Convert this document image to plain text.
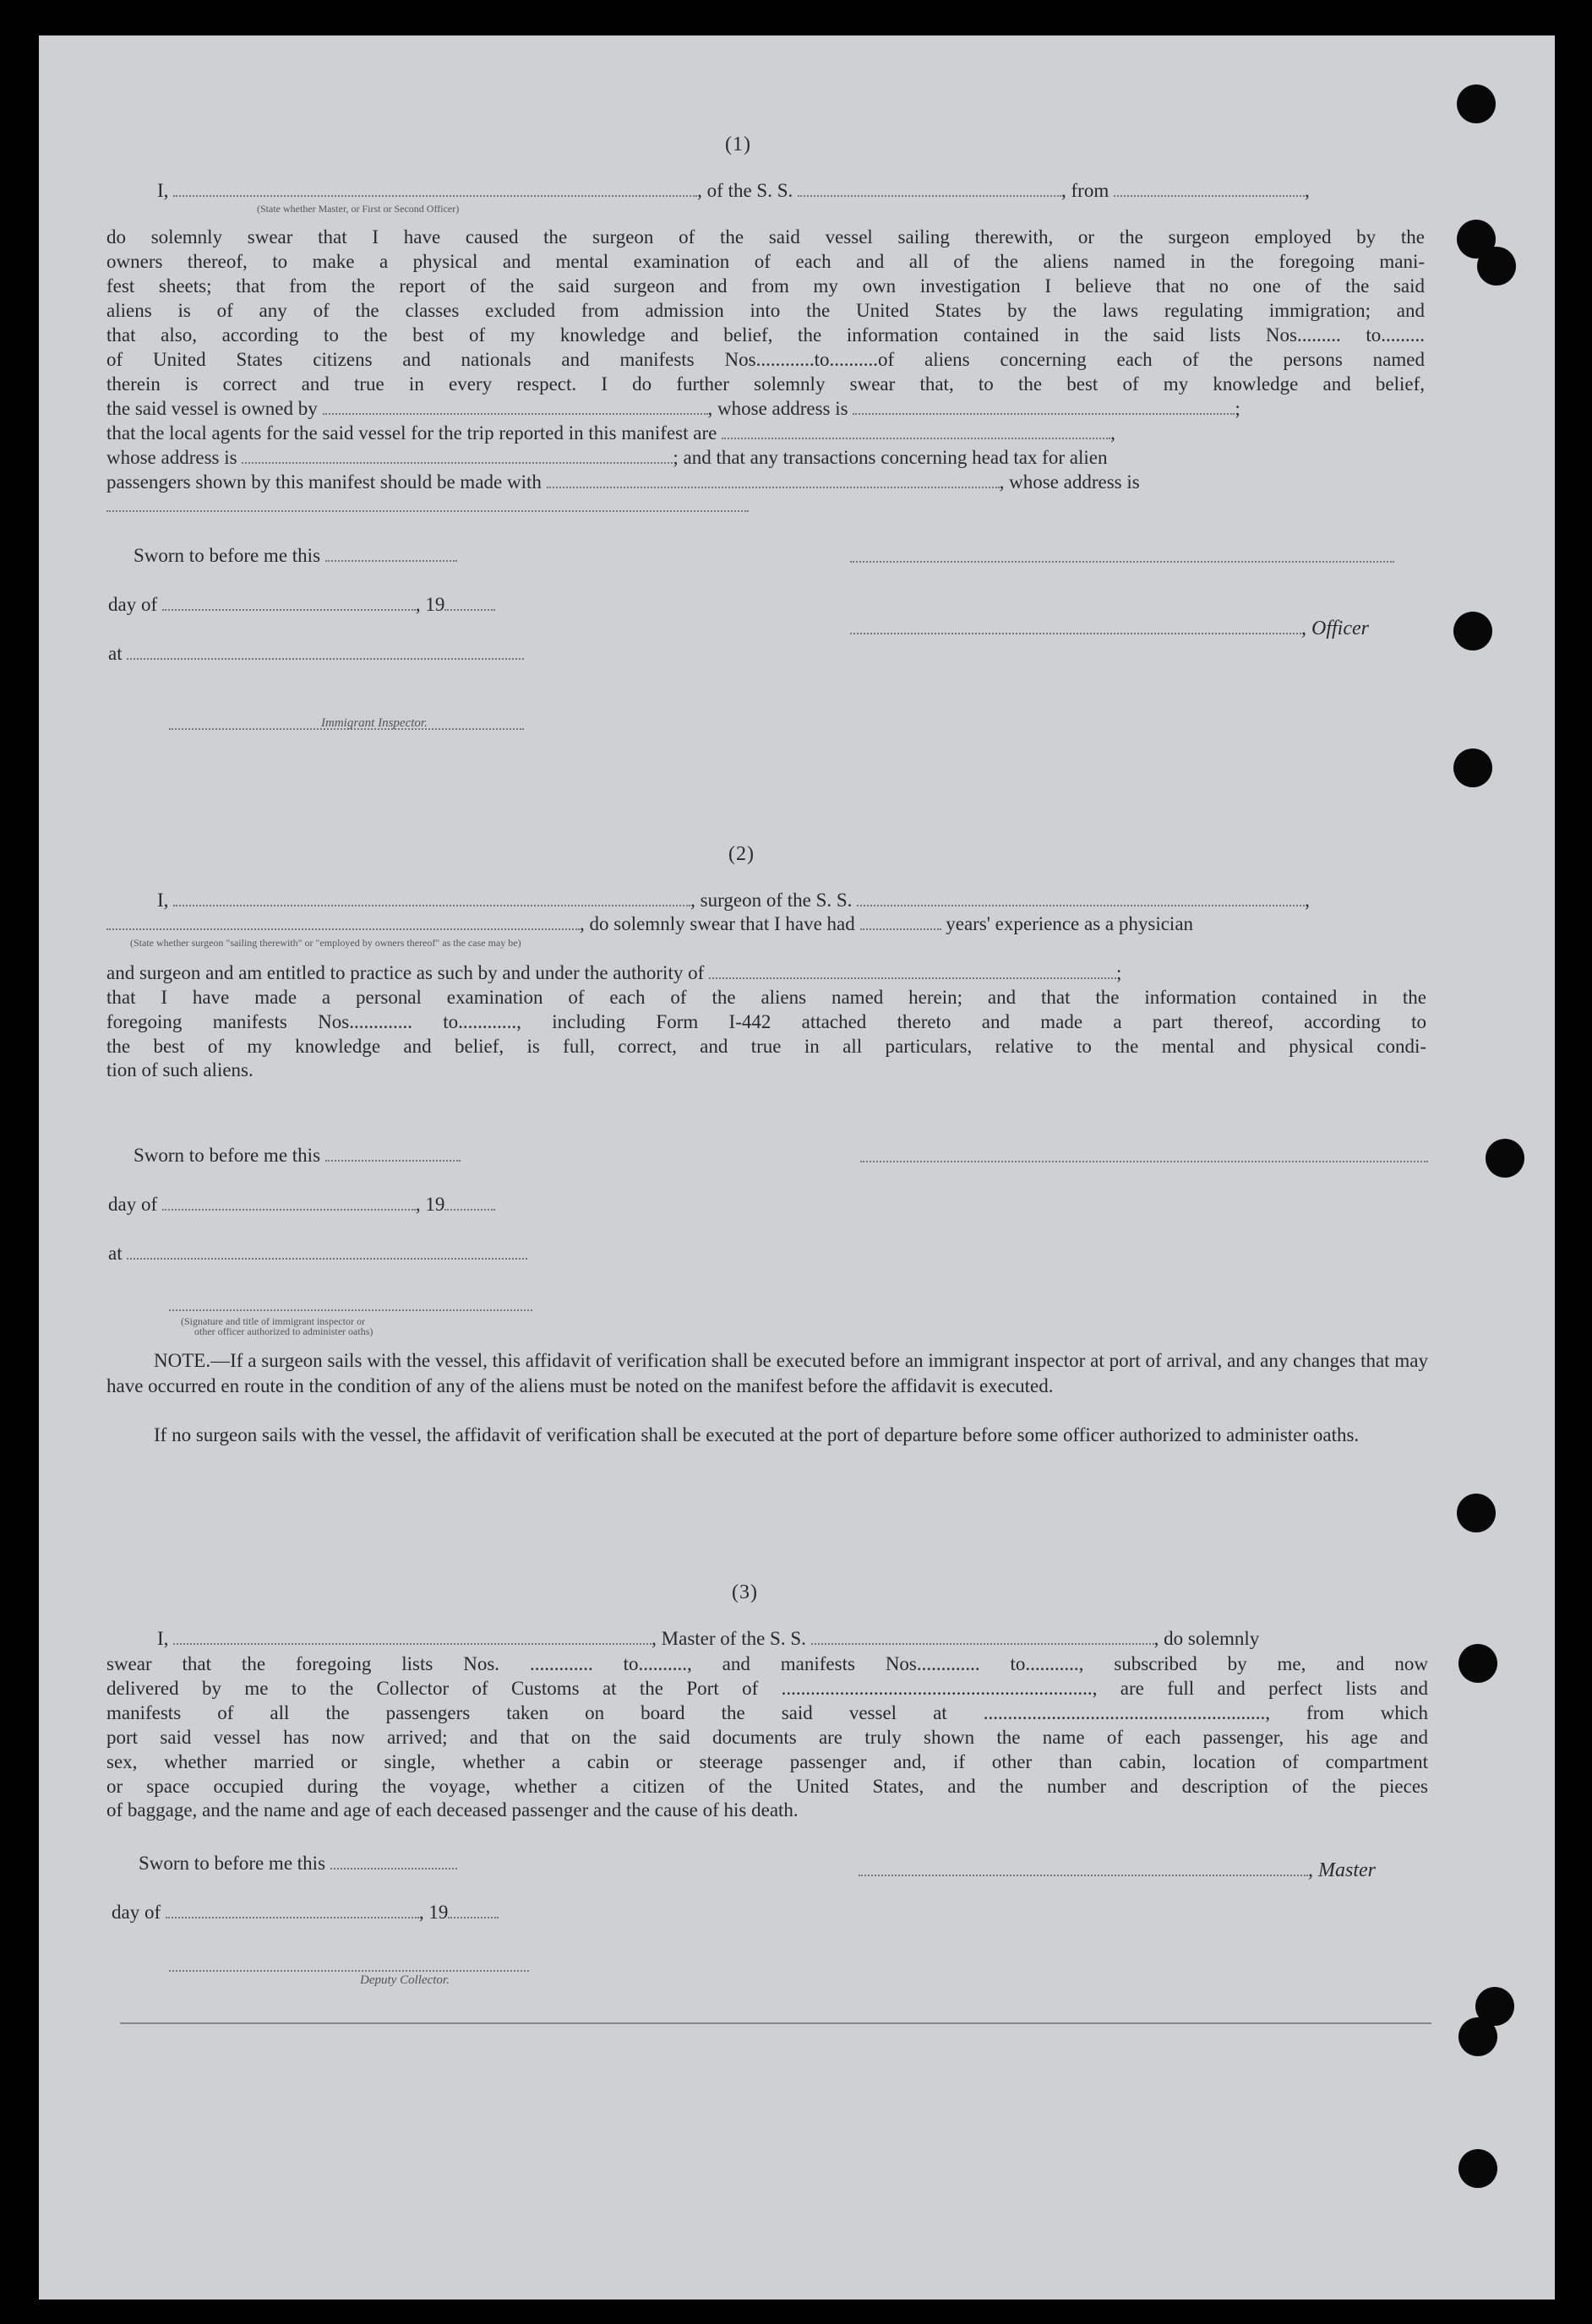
(1)
I,	, of the S. S.	, from	,
(State whether Master, or First or Second Officer)
do solemnly swear that I have caused the surgeon of the said vessel sailing therewith, or the surgeon employed by the
owners thereof, to make a physical and mental examination of each and all of the aliens named in the foregoing mani-
fest sheets; that from the report of the said surgeon and from my own investigation I believe that no one of the said
aliens is of any of the classes excluded from admission into the United States by the laws regulating immigration; and
that also, according to the best of my knowledge and belief, the information contained in the said lists Nos......... to.........
of United States citizens and nationals and manifests Nos............to..........of aliens concerning each of the persons named
therein is correct and true in every respect. I do further solemnly swear that, to the best of my knowledge and belief,
the said vessel is owned by	, whose address is	;
that the local agents for the said vessel for the trip reported in this manifest are	,
whose address is	; and that any transactions concerning head tax for alien
passengers shown by this manifest should be made with	, whose address is
Sworn to before me this
day of	, 19
at
Immigrant Inspector.
, Officer
(2)
I,	, surgeon of the S. S.	,
, do solemnly swear that I have had	years' experience as a physician
(State whether surgeon "sailing therewith" or "employed by owners thereof" as the case may be)
and surgeon and am entitled to practice as such by and under the authority of	;
that I have made a personal examination of each of the aliens named herein; and that the information contained in the
foregoing manifests Nos............. to............, including Form I-442 attached thereto and made a part thereof, according to
the best of my knowledge and belief, is full, correct, and true in all particulars, relative to the mental and physical condi-
tion of such aliens.
Sworn to before me this
day of	, 19
at
(Signature and title of immigrant inspector or
other officer authorized to administer oaths)
NOTE.—If a surgeon sails with the vessel, this affidavit of verification shall be executed before an immigrant inspector at port of arrival, and any changes that may have occurred en route in the condition of any of the aliens must be noted on the manifest before the affidavit is executed.
If no surgeon sails with the vessel, the affidavit of verification shall be executed at the port of departure before some officer authorized to administer oaths.
(3)
I,	, Master of the S. S.	, do solemnly
swear that the foregoing lists Nos. ............. to.........., and manifests Nos............. to..........., subscribed by me, and now
delivered by me to the Collector of Customs at the Port of ................................................................, are full and perfect lists and
manifests of all the passengers taken on board the said vessel at .........................................................., from which
port said vessel has now arrived; and that on the said documents are truly shown the name of each passenger, his age and
sex, whether married or single, whether a cabin or steerage passenger and, if other than cabin, location of compartment
or space occupied during the voyage, whether a citizen of the United States, and the number and description of the pieces
of baggage, and the name and age of each deceased passenger and the cause of his death.
Sworn to before me this	, Master
day of	, 19
Deputy Collector.
